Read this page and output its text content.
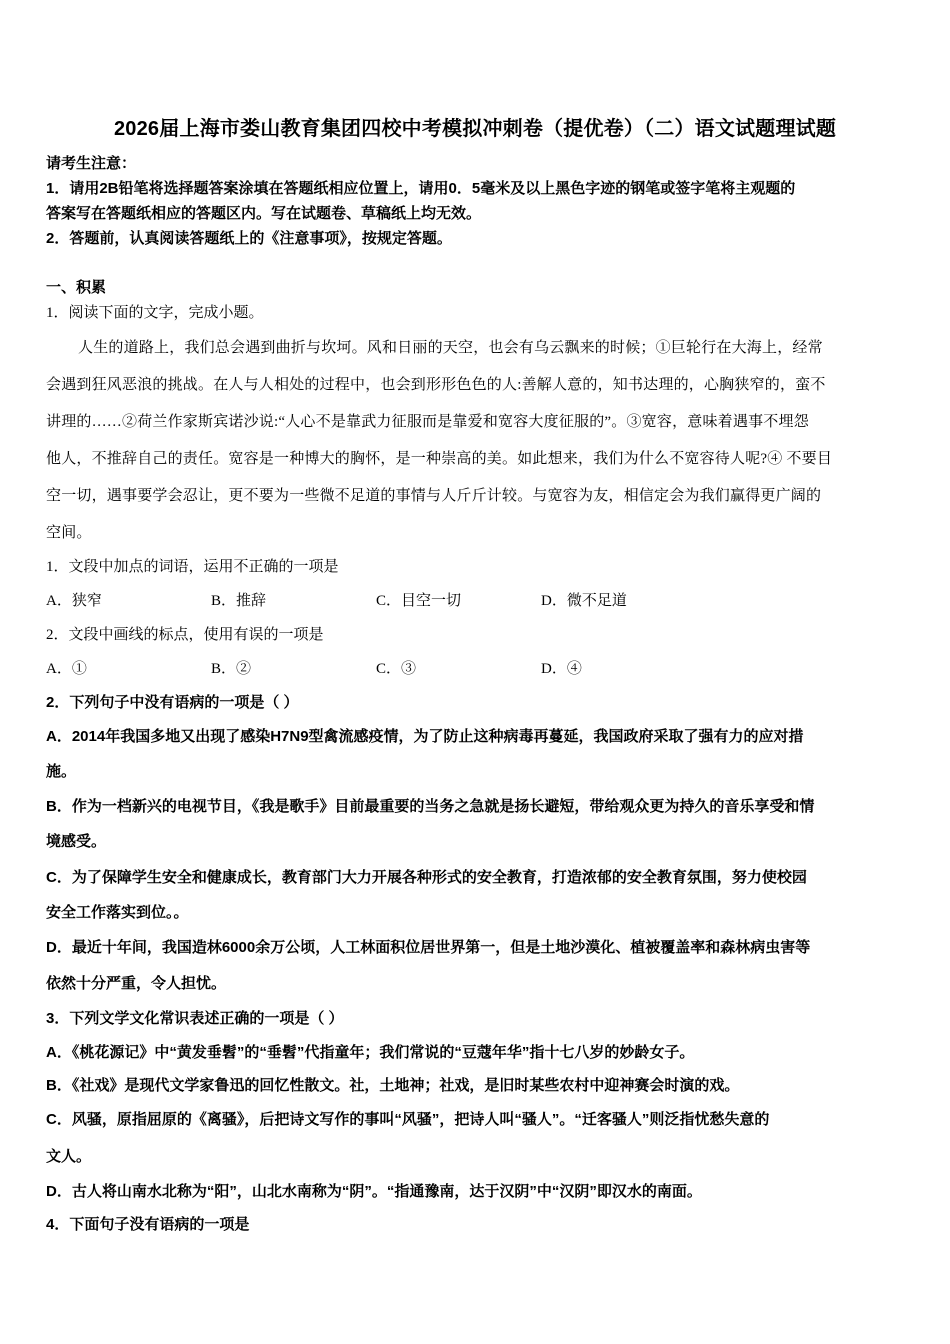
2026届上海市娄山教育集团四校中考模拟冲刺卷（提优卷）（二）语文试题理试题
请考生注意：
1．请用2B铅笔将选择题答案涂填在答题纸相应位置上，请用0．5毫米及以上黑色字迹的钢笔或签字笔将主观题的
答案写在答题纸相应的答题区内。写在试题卷、草稿纸上均无效。
2．答题前，认真阅读答题纸上的《注意事项》，按规定答题。
一、积累
1．阅读下面的文字，完成小题。
人生的道路上，我们总会遇到曲折与坎坷。风和日丽的天空，也会有乌云飘来的时候；①巨轮行在大海上，经常
会遇到狂风恶浪的挑战。在人与人相处的过程中，也会到形形色色的人:善解人意的，知书达理的，心胸狭窄的，蛮不
讲理的……②荷兰作家斯宾诺沙说:“人心不是靠武力征服而是靠爱和宽容大度征服的”。③宽容，意味着遇事不埋怨
他人，不推辞自己的责任。宽容是一种博大的胸怀，是一种崇高的美。如此想来，我们为什么不宽容待人呢?④ 不要目
空一切，遇事要学会忍让，更不要为一些微不足道的事情与人斤斤计较。与宽容为友，相信定会为我们赢得更广阔的
空间。
1．文段中加点的词语，运用不正确的一项是
A．狭窄	B．推辞	C．目空一切	D．微不足道
2．文段中画线的标点，使用有误的一项是
A．①	B．②	C．③	D．④
2．下列句子中没有语病的一项是（ ）
A．2014年我国多地又出现了感染H7N9型禽流感疫情，为了防止这种病毒再蔓延，我国政府采取了强有力的应对措
施。
B．作为一档新兴的电视节目，《我是歌手》目前最重要的当务之急就是扬长避短，带给观众更为持久的音乐享受和情
境感受。
C．为了保障学生安全和健康成长，教育部门大力开展各种形式的安全教育，打造浓郁的安全教育氛围，努力使校园
安全工作落实到位。。
D．最近十年间，我国造林6000余万公顷，人工林面积位居世界第一，但是土地沙漠化、植被覆盖率和森林病虫害等
依然十分严重，令人担忧。
3．下列文学文化常识表述正确的一项是（ ）
A．《桃花源记》中“黄发垂髫”的“垂髫”代指童年；我们常说的“豆蔻年华”指十七八岁的妙龄女子。
B．《社戏》是现代文学家鲁迅的回忆性散文。社，土地神；社戏，是旧时某些农村中迎神赛会时演的戏。
C．风骚，原指屈原的《离骚》，后把诗文写作的事叫“风骚”，把诗人叫“骚人”。“迁客骚人”则泛指忧愁失意的
文人。
D．古人将山南水北称为“阳”，山北水南称为“阴”。“指通豫南，达于汉阴”中“汉阴”即汉水的南面。
4．下面句子没有语病的一项是
